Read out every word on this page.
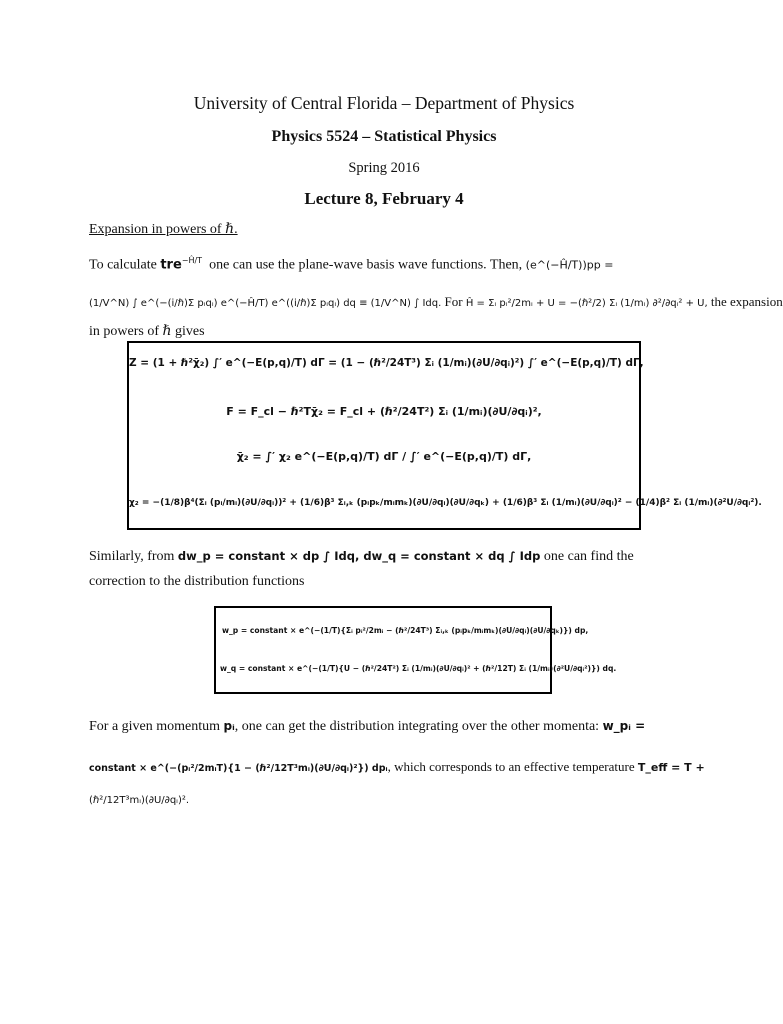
University of Central Florida – Department of Physics
Physics 5524 – Statistical Physics
Spring 2016
Lecture 8, February 4
Expansion in powers of ℏ.
To calculate tre$^{-Ĥ/T}$ one can use the plane-wave basis wave functions. Then, (e^(−Ĥ/T))pp =
(1/V^N) ∫ e^(−(i/ℏ)Σ pᵢqᵢ) e^(−Ĥ/T) e^((i/ℏ)Σ pᵢqᵢ) dq ≡ (1/V^N) ∫ Idq. For Ĥ = Σᵢ pᵢ²/2mᵢ + U = −(ℏ²/2) Σᵢ (1/mᵢ) ∂²/∂qᵢ² + U, the expansion
in powers of ℏ gives
Z = (1 + ℏ²χ̄₂) ∫′ e^(−E(p,q)/T) dΓ = (1 − (ℏ²/24T³) Σᵢ (1/mᵢ)(∂U/∂qᵢ)²) ∫′ e^(−E(p,q)/T) dΓ,
F = F_cl − ℏ²Tχ̄₂ = F_cl + (ℏ²/24T²) Σᵢ (1/mᵢ)(∂U/∂qᵢ)²,
χ̄₂ = ∫′ χ₂ e^(−E(p,q)/T) dΓ / ∫′ e^(−E(p,q)/T) dΓ,
χ₂ = −(1/8)β⁴(Σᵢ (pᵢ/mᵢ)(∂U/∂qᵢ))² + (1/6)β³ Σᵢ,ₖ (pᵢpₖ/mᵢmₖ)(∂U/∂qᵢ)(∂U/∂qₖ) + (1/6)β³ Σᵢ (1/mᵢ)(∂U/∂qᵢ)² − (1/4)β² Σᵢ (1/mᵢ)(∂²U/∂qᵢ²).
Similarly, from dw_p = constant × dp ∫ Idq, dw_q = constant × dq ∫ Idp one can find the
correction to the distribution functions
w_p = constant × e^(−(1/T){Σᵢ pᵢ²/2mᵢ − (ℏ²/24T³) Σᵢ,ₖ (pᵢpₖ/mᵢmₖ)(∂U/∂qᵢ)(∂U/∂qₖ)}) dp,
w_q = constant × e^(−(1/T){U − (ℏ²/24T²) Σᵢ (1/mᵢ)(∂U/∂qᵢ)² + (ℏ²/12T) Σᵢ (1/mᵢ)(∂²U/∂qᵢ²)}) dq.
For a given momentum pᵢ, one can get the distribution integrating over the other momenta: w_pᵢ =
constant × e^(−(pᵢ²/2mᵢT){1 − (ℏ²/12T³mᵢ)(∂U/∂qᵢ)²}) dpᵢ, which corresponds to an effective temperature T_eff = T +
(ℏ²/12T³mᵢ)(∂U/∂qᵢ)².
